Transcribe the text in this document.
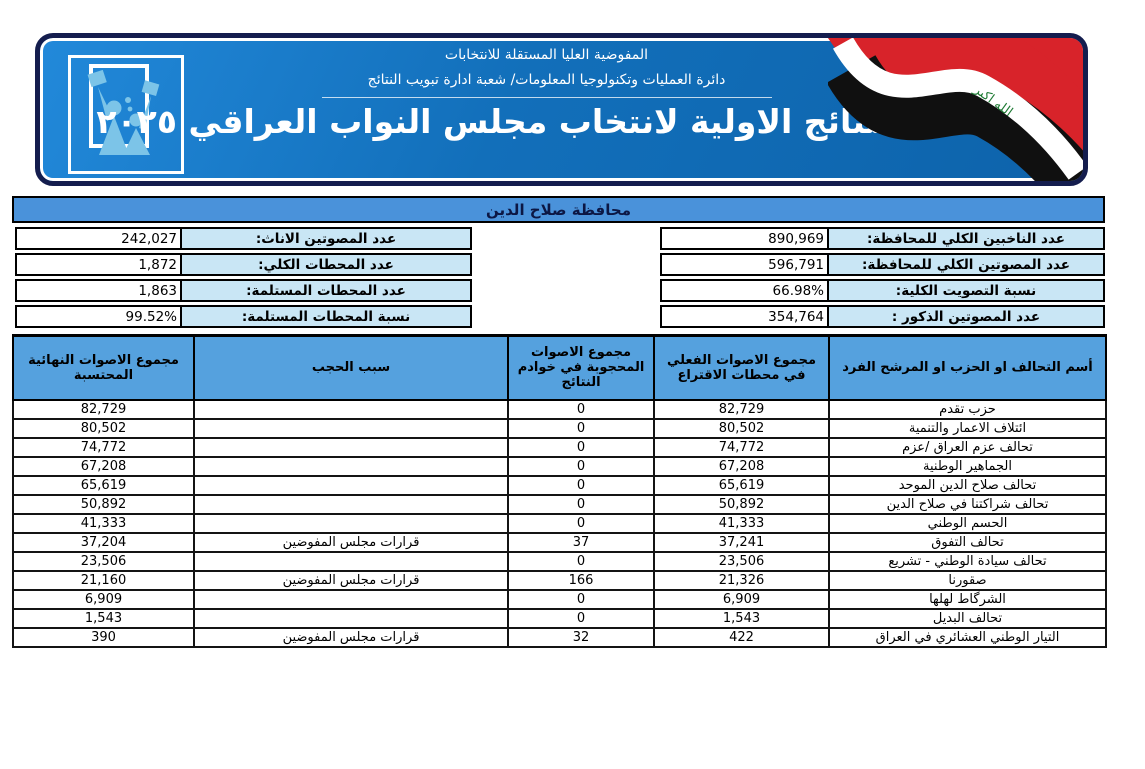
المفوضية العليا المستقلة للانتخابات
دائرة العمليات وتكنولوجيا المعلومات/ شعبة ادارة تبويب النتائج
النتائج الاولية لانتخاب مجلس النواب العراقي ٢٠٢٥
الله اكبر
محافظة صلاح الدين
عدد الناخبين الكلي للمحافظة:
890,969
عدد المصوتين الكلي للمحافظة:
596,791
نسبة التصويت الكلية:
66.98%
عدد المصوتين الذكور :
354,764
عدد المصوتين الاناث:
242,027
عدد المحطات الكلي:
1,872
عدد المحطات المستلمة:
1,863
نسبة المحطات المستلمة:
99.52%
أسم التحالف او الحزب او المرشح الفرد	مجموع الاصوات الفعلي في محطات الاقتراع	مجموع الاصوات المحجوبة في خوادم النتائج	سبب الحجب	مجموع الاصوات النهائية المحتسبة
حزب تقدم	82,729	0		82,729
ائتلاف الاعمار والتنمية	80,502	0		80,502
تحالف عزم العراق /عزم	74,772	0		74,772
الجماهير الوطنية	67,208	0		67,208
تحالف صلاح الدين الموحد	65,619	0		65,619
تحالف شراكتنا في صلاح الدين	50,892	0		50,892
الحسم الوطني	41,333	0		41,333
تحالف التفوق	37,241	37	قرارات مجلس المفوضين	37,204
تحالف سيادة الوطني - تشريع	23,506	0		23,506
صقورنا	21,326	166	قرارات مجلس المفوضين	21,160
الشرگاط لهلها	6,909	0		6,909
تحالف البديل	1,543	0		1,543
التيار الوطني العشائري في العراق	422	32	قرارات مجلس المفوضين	390
